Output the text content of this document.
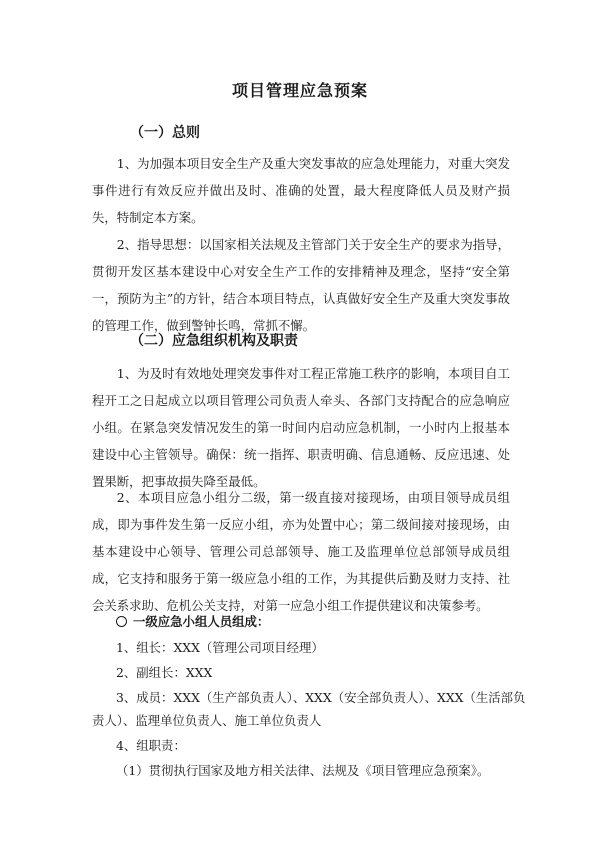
项目管理应急预案
（一）总则
1、为加强本项目安全生产及重大突发事故的应急处理能力，对重大突发事件进行有效反应并做出及时、准确的处置，最大程度降低人员及财产损失，特制定本方案。
2、指导思想：以国家相关法规及主管部门关于安全生产的要求为指导，贯彻开发区基本建设中心对安全生产工作的安排精神及理念，坚持“安全第一，预防为主”的方针，结合本项目特点，认真做好安全生产及重大突发事故的管理工作，做到警钟长鸣，常抓不懈。
（二）应急组织机构及职责
1、为及时有效地处理突发事件对工程正常施工秩序的影响，本项目自工程开工之日起成立以项目管理公司负责人牵头、各部门支持配合的应急响应小组。在紧急突发情况发生的第一时间内启动应急机制，一小时内上报基本建设中心主管领导。确保：统一指挥、职责明确、信息通畅、反应迅速、处置果断，把事故损失降至最低。
2、本项目应急小组分二级，第一级直接对接现场，由项目领导成员组成，即为事件发生第一反应小组，亦为处置中心；第二级间接对接现场，由基本建设中心领导、管理公司总部领导、施工及监理单位总部领导成员组成，它支持和服务于第一级应急小组的工作，为其提供后勤及财力支持、社会关系求助、危机公关支持，对第一应急小组工作提供建议和决策参考。
一级应急小组人员组成：
1、组长：XXX（管理公司项目经理）
2、副组长：XXX
3、成员：XXX（生产部负责人）、XXX（安全部负责人）、XXX（生活部负
责人）、监理单位负责人、施工单位负责人
4、组职责：
（1）贯彻执行国家及地方相关法律、法规及《项目管理应急预案》。
